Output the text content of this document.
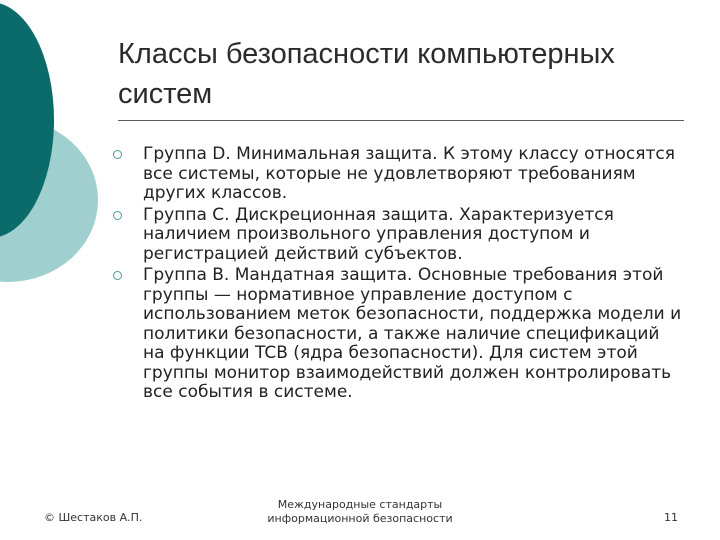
Классы безопасности компьютерных систем
Группа D. Минимальная защита. К этому классу относятся все системы, которые не удовлетворяют требованиям других классов.
Группа C. Дискреционная защита. Характеризуется наличием произвольного управления доступом и регистрацией действий субъектов.
Группа B. Мандатная защита. Основные требования этой группы — нормативное управление доступом с использованием меток безопасности, поддержка модели и политики безопасности, а также наличие спецификаций на функции TCB (ядра безопасности). Для систем этой группы монитор взаимодействий должен контролировать все события в системе.
© Шестаков А.П.
Международные стандарты
информационной безопасности	11
